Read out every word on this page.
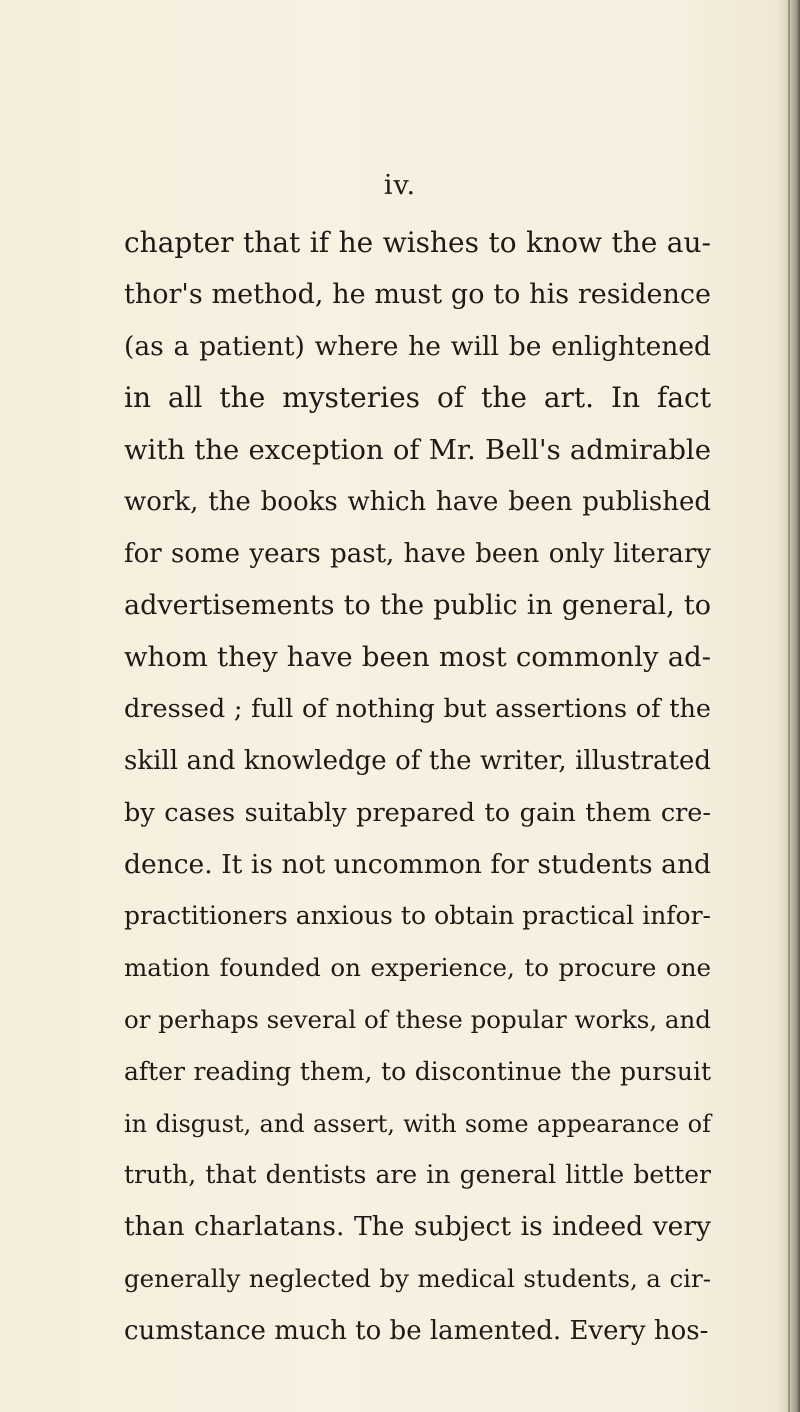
iv.
chapter that if he wishes to know the au-
thor's method, he must go to his residence
(as a patient) where he will be enlightened
in all the mysteries of the art. In fact
with the exception of Mr. Bell's admirable
work, the books which have been published
for some years past, have been only literary
advertisements to the public in general, to
whom they have been most commonly ad-
dressed ; full of nothing but assertions of the
skill and knowledge of the writer, illustrated
by cases suitably prepared to gain them cre-
dence. It is not uncommon for students and
practitioners anxious to obtain practical infor-
mation founded on experience, to procure one
or perhaps several of these popular works, and
after reading them, to discontinue the pursuit
in disgust, and assert, with some appearance of
truth, that dentists are in general little better
than charlatans. The subject is indeed very
generally neglected by medical students, a cir-
cumstance much to be lamented. Every hos-
